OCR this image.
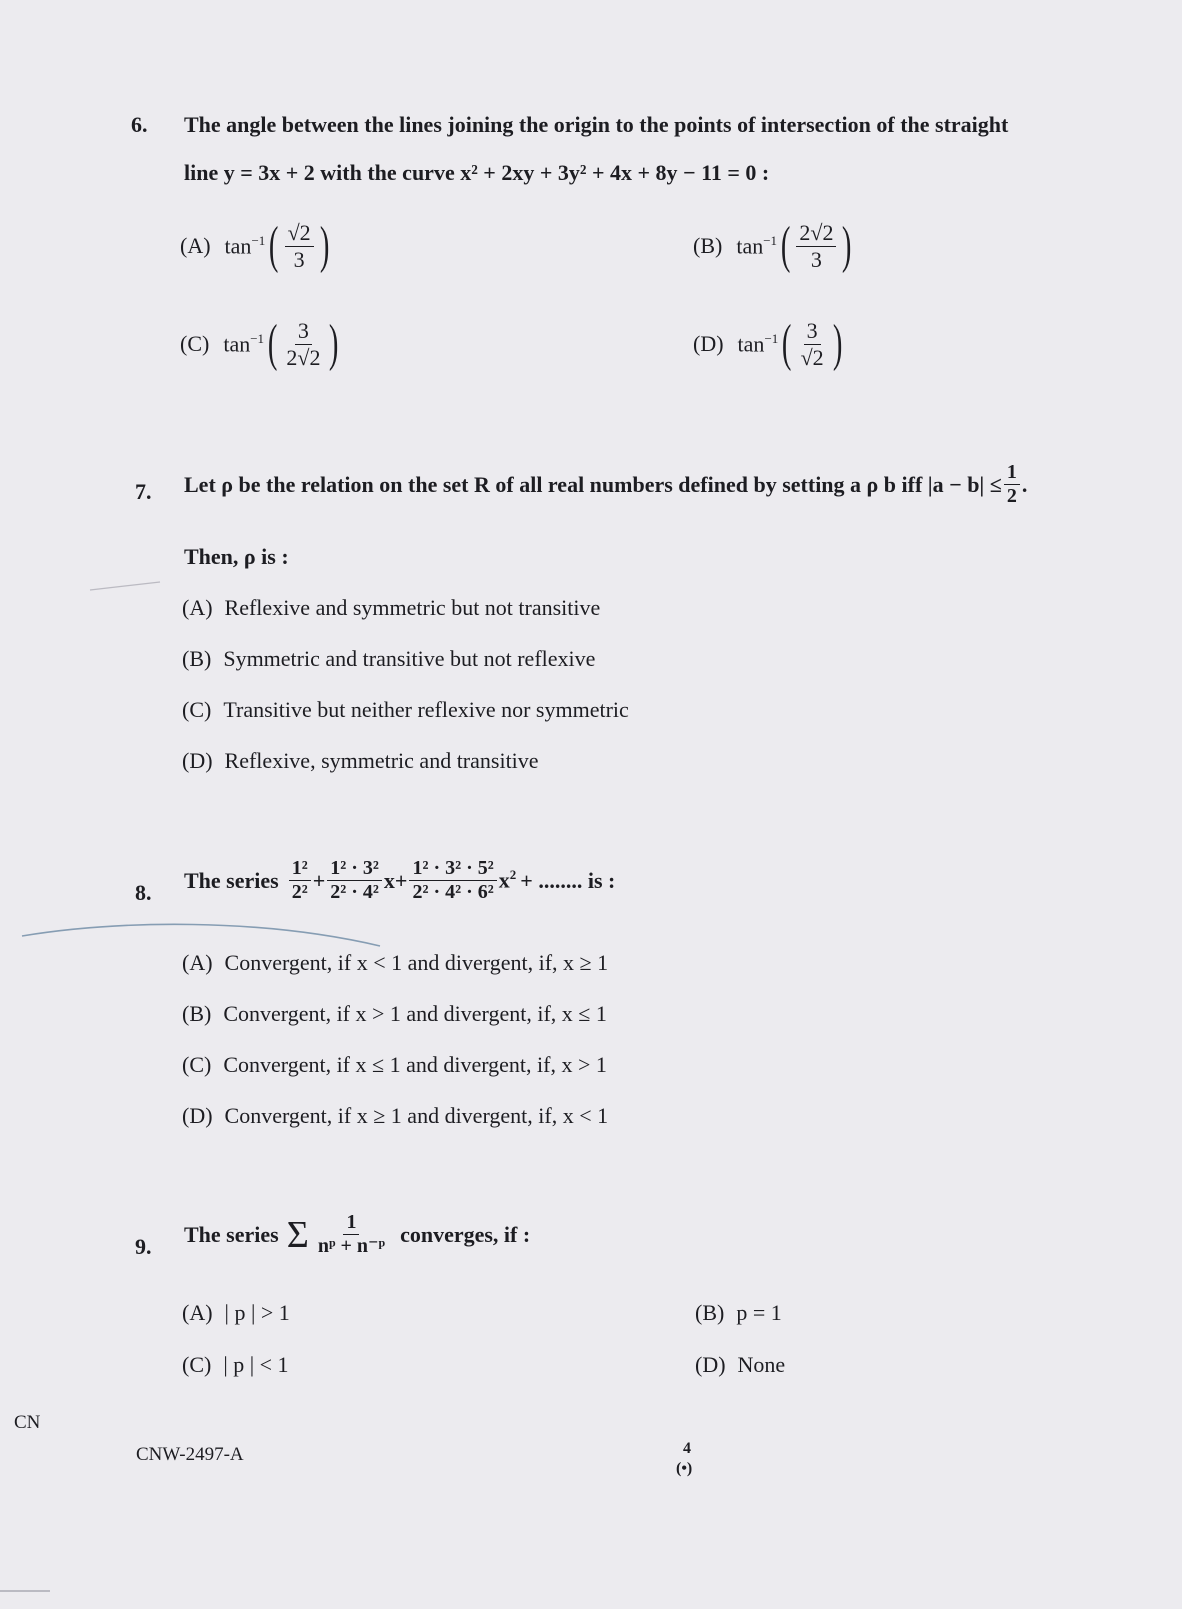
6. The angle between the lines joining the origin to the points of intersection of the straight
line y = 3x + 2 with the curve x² + 2xy + 3y² + 4x + 8y − 11 = 0 :
(A) $\tan^{-1}$ ( $\frac{√2}{3}$ )	(B) $\tan^{-1}$ ( $\frac{2√2}{3}$ )
(C) $\tan^{-1}$ ( $\frac{3}{2√2}$ )	(D) $\tan^{-1}$ ( $\frac{3}{√2}$ )
7. Let ρ be the relation on the set R of all real numbers defined by setting a ρ b iff $|a - b| \le \frac{1}{2}$ .
Then, ρ is :
(A) Reflexive and symmetric but not transitive
(B) Symmetric and transitive but not reflexive
(C) Transitive but neither reflexive nor symmetric
(D) Reflexive, symmetric and transitive
8. The series $\frac{\text{1²}}{\text{2²}} + \frac{\text{1² · 3²}}{\text{2² · 4²}} x+ \frac{\text{1² · 3² · 5²}}{\text{2² · 4² · 6²}} x^2$ + ........ is :
(A) Convergent, if x < 1 and divergent, if, x ≥ 1
(B) Convergent, if x > 1 and divergent, if, x ≤ 1
(C) Convergent, if x ≤ 1 and divergent, if, x > 1
(D) Convergent, if x ≥ 1 and divergent, if, x < 1
9. The series Σ $\frac{1}{\text{nᵖ + n⁻ᵖ}}$ converges, if :
(A) | p | > 1	(B) p = 1
(C) | p | < 1	(D) None
CN
CNW-2497-A	4
(•)
